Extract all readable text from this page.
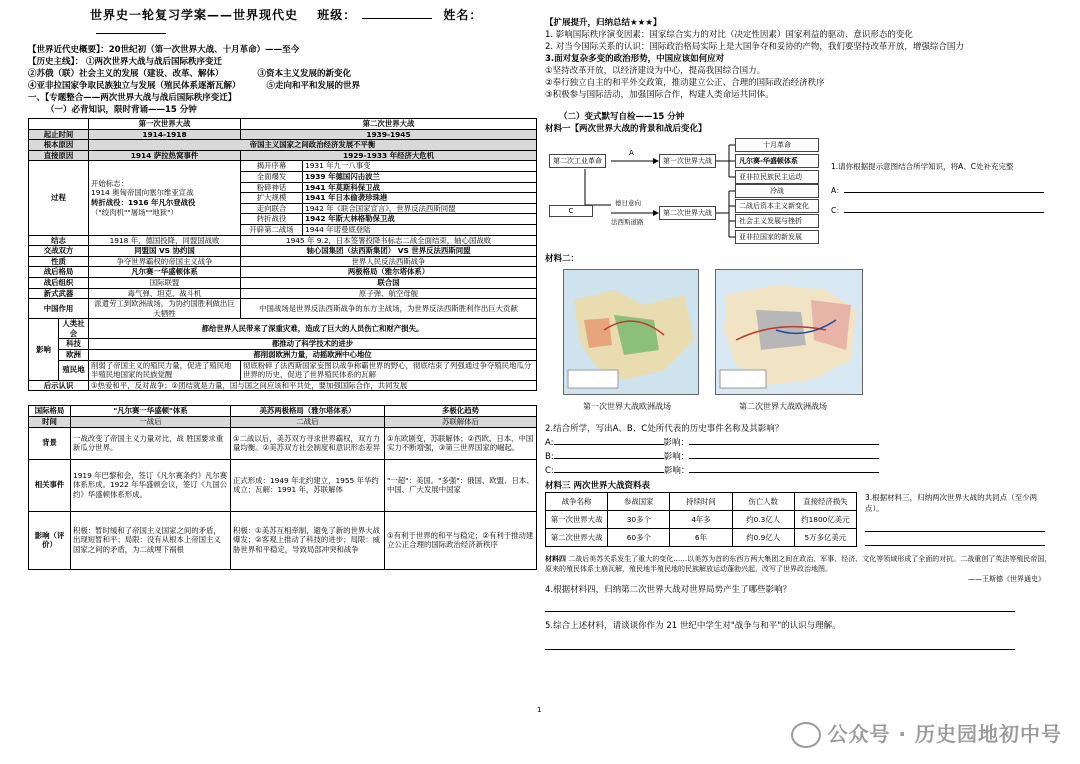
世界史一轮复习学案——世界现代史 班级：	姓名：
【世界近代史概要】：20世纪初（第一次世界大战、十月革命）——至今
【历史主线】： ①两次世界大战与战后国际秩序变迁
②苏俄（联）社会主义的发展（建设、改革、解体）	③资本主义发展的新变化
④亚非拉国家争取民族独立与发展（殖民体系逐渐瓦解）	⑤走向和平和发展的世界
一、【专题整合——两次世界大战与战后国际秩序变迁】
（一）必背知识，限时背诵——15 分钟
		第一次世界大战	第二次世界大战	
起止时间		1914-1918	1939-1945	
根本原因		帝国主义国家之间政治经济发展不平衡		
直接原因		1914 萨拉热窝事件	1929-1933 年经济大危机	
过程		开始标志：
1914 奥匈帝国向塞尔维亚宣战
转折战役：1916 年凡尔登战役
（"绞肉机""屠场""地狱"）	揭开序幕	1931 年九一八事变
			全面爆发	1939 年德国闪击波兰
			粉碎神话	1941 年莫斯科保卫战
			扩大规模	1941 年日本偷袭珍珠港
			走向联合	1942 年《联合国家宣言》，世界反法西斯同盟
			转折战役	1942 年斯大林格勒保卫战
			开辟第二战场	1944 年诺曼底登陆
结志		1918 年，德国投降，同盟国战败	1945 年 9.2，日本签署投降书标志二战全面结束，轴心国战败	
交战双方		同盟国 VS 协约国	轴心国集团（法西斯集团） VS 世界反法西斯同盟	
性质		争夺世界霸权的帝国主义战争	世界人民反法西斯战争	
战后格局		凡尔赛一华盛顿体系	两极格局（雅尔塔体系）	
战后组织		国际联盟	联合国	
新式武器		毒气弹、坦克、战斗机	原子弹、航空母舰	
中国作用		派遣劳工到欧洲战场，为协约国胜利做出巨大牺牲	中国战场是世界反法西斯战争的东方主战场，为世界反法西斯胜利作出巨大贡献	
影响	人类社会	都给世界人民带来了深重灾难，造成了巨大的人员伤亡和财产损失。		
	科技	都推动了科学技术的进步		
	欧洲	都削弱欧洲力量，动摇欧洲中心地位		
	殖民地	削弱了帝国主义的殖民力量，促进了殖民地半殖民地国家的民族觉醒	彻底粉碎了法西斯国家妄图以战争称霸世界的野心，彻底结束了列强通过争夺殖民地瓜分世界的历史，促进了世界殖民体系的瓦解	
后示认识		①热爱和平，反对战争；②团结就是力量，国与国之间应该和平共处，要加强国际合作，共同发展		
国际格局	"凡尔赛一华盛顿"体系	美苏两极格局（雅尔塔体系）	多极化趋势
时间	一战后	二战后	苏联解体后
背景	一战改变了帝国主义力量对比，战 胜国要求重新瓜分世界。	①二战以后，美苏双方寻求世界霸权，双方力量均衡。②美苏双方社会制度和意识形态差异	①东欧剧变，苏联解体；②西欧、日本、中国实力不断增强，③第三世界国家的崛起。
相关事件	1919 年巴黎和会，签订《凡尔赛条约》凡尔赛体系形成。1922 年华盛顿会议，签订《九国公约》华盛顿体系形成。	正式形成：1949 年北约建立，1955 年华约成立；瓦解：1991 年，苏联解体	"一超"：美国。"多强"：俄国、欧盟、日本、中国、广大发展中国家
影响（评价）	积极：暂时缓和了帝国主义国家之间的矛盾，出现短暂和平；局限：没有从根本上帝国主义国家之间的矛盾，为二战埋下祸根	积极：①美苏互相牵制，避免了新的世界大战爆发；②客观上推动了科技的进步；局限：威胁世界和平稳定，导致局部冲突和战争	①有利于世界的和平与稳定；②有利于推动建立公正合理的国际政治经济新秩序
【扩展提升，归纳总结★★★】
1. 影响国际秩序演变因素：国家综合实力的对比（决定性因素）国家利益的驱动、意识形态的变化
2. 对当今国际关系的认识：国际政治格局实际上是大国争夺和妥协的产物，我们要坚持改革开放，增强综合国力
3.面对复杂多变的政治形势，中国应该如何应对
①坚持改革开放，以经济建设为中心，提高我国综合国力。
②奉行独立自主的和平外交政策，推动建立公正、合理的国际政治经济秩序
③积极参与国际活动，加强国际合作，构建人类命运共同体。
（二）变式默写自检——15 分钟
材料一【两次世界大战的背景和战后变化】
第二次工业革命
A
第一次世界大战
十月革命
凡尔赛-华盛顿体系
亚非拉民族民主运动
C
德日意向
法西斯道路
第二次世界大战
冷战
二战后资本主义新变化
社会主义发展与挫折
亚非拉国家的新发展
1.请你根据提示意图结合所学知识，将A、C处补充完整
A：
C：
材料二：
第一次世界大战欧洲战场	第二次世界大战欧洲战场
2.结合所学，写出A、B、C处所代表的历史事件名称及其影响？
A:	影响：
B:	影响：
C:	影响：
材料三 两次世界大战资料表
战争名称	参战国家	持续时间	伤亡人数	直接经济损失
第一次世界大战	30多个	4年多	约0.3亿人	约1800亿美元
第二次世界大战	60多个	6年	约0.9亿人	5万多亿美元
3.根据材料三，归纳两次世界大战的共同点（至少两点）。
材料四 二战后美苏关系发生了重大的变化……以美苏为首的东西方两大集团之间在政治、军事、经济、文化等领域形成了全面的对抗。二战重创了英法等殖民帝国，原来的殖民体系土崩瓦解，殖民地半殖民地的民族解放运动蓬勃兴起，改写了世界政治地图。
——王斯德《世界通史》
4.根据材料四，归纳第二次世界大战对世界局势产生了哪些影响？
5.综合上述材料，请谈谈你作为 21 世纪中学生对"战争与和平"的认识与理解。
1
公众号 · 历史园地初中号
